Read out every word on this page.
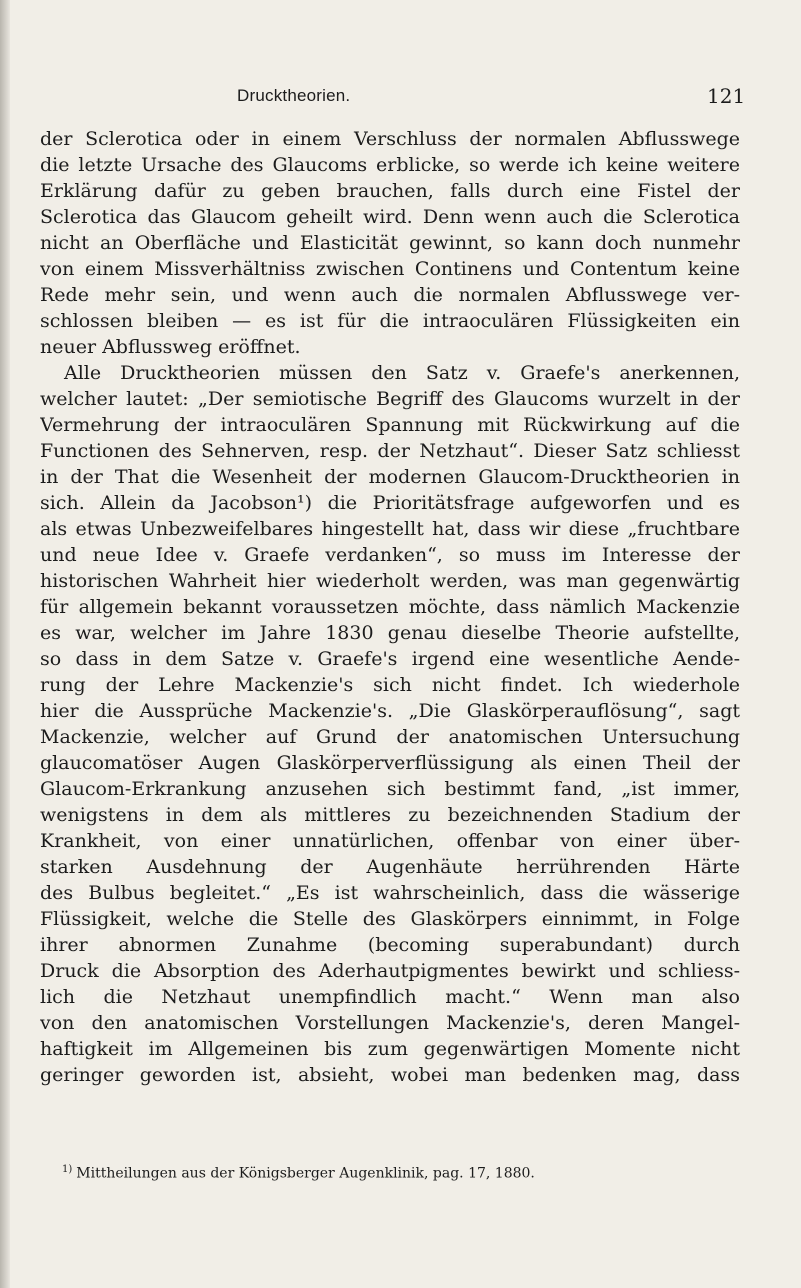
Drucktheorien.	121
der Sclerotica oder in einem Verschluss der normalen Abflusswege
die letzte Ursache des Glaucoms erblicke, so werde ich keine weitere
Erklärung dafür zu geben brauchen, falls durch eine Fistel der
Sclerotica das Glaucom geheilt wird. Denn wenn auch die Sclerotica
nicht an Oberfläche und Elasticität gewinnt, so kann doch nunmehr
von einem Missverhältniss zwischen Continens und Contentum keine
Rede mehr sein, und wenn auch die normalen Abflusswege ver-
schlossen bleiben — es ist für die intraoculären Flüssigkeiten ein
neuer Abflussweg eröffnet.
Alle Drucktheorien müssen den Satz v. Graefe's anerkennen,
welcher lautet: „Der semiotische Begriff des Glaucoms wurzelt in der
Vermehrung der intraoculären Spannung mit Rückwirkung auf die
Functionen des Sehnerven, resp. der Netzhaut“. Dieser Satz schliesst
in der That die Wesenheit der modernen Glaucom-Drucktheorien in
sich. Allein da Jacobson¹) die Prioritätsfrage aufgeworfen und es
als etwas Unbezweifelbares hingestellt hat, dass wir diese „fruchtbare
und neue Idee v. Graefe verdanken“, so muss im Interesse der
historischen Wahrheit hier wiederholt werden, was man gegenwärtig
für allgemein bekannt voraussetzen möchte, dass nämlich Mackenzie
es war, welcher im Jahre 1830 genau dieselbe Theorie aufstellte,
so dass in dem Satze v. Graefe's irgend eine wesentliche Aende-
rung der Lehre Mackenzie's sich nicht findet. Ich wiederhole
hier die Aussprüche Mackenzie's. „Die Glaskörperauflösung“, sagt
Mackenzie, welcher auf Grund der anatomischen Untersuchung
glaucomatöser Augen Glaskörperverflüssigung als einen Theil der
Glaucom-Erkrankung anzusehen sich bestimmt fand, „ist immer,
wenigstens in dem als mittleres zu bezeichnenden Stadium der
Krankheit, von einer unnatürlichen, offenbar von einer über-
starken Ausdehnung der Augenhäute herrührenden Härte
des Bulbus begleitet.“ „Es ist wahrscheinlich, dass die wässerige
Flüssigkeit, welche die Stelle des Glaskörpers einnimmt, in Folge
ihrer abnormen Zunahme (becoming superabundant) durch
Druck die Absorption des Aderhautpigmentes bewirkt und schliess-
lich die Netzhaut unempfindlich macht.“ Wenn man also
von den anatomischen Vorstellungen Mackenzie's, deren Mangel-
haftigkeit im Allgemeinen bis zum gegenwärtigen Momente nicht
geringer geworden ist, absieht, wobei man bedenken mag, dass
$^{1)}$ Mittheilungen aus der Königsberger Augenklinik, pag. 17, 1880.
